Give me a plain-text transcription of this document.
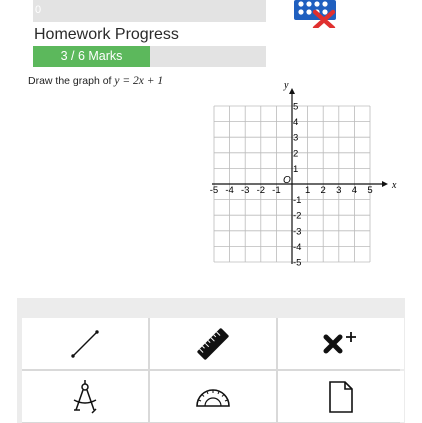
0
Homework Progress
3 / 6 Marks
Draw the graph of y = 2x + 1
x
y
O
-5 -4 -3 -2 -1	1 2 3 4 5
5
4
3
2
1
-1
-2
-3
-4
-5
